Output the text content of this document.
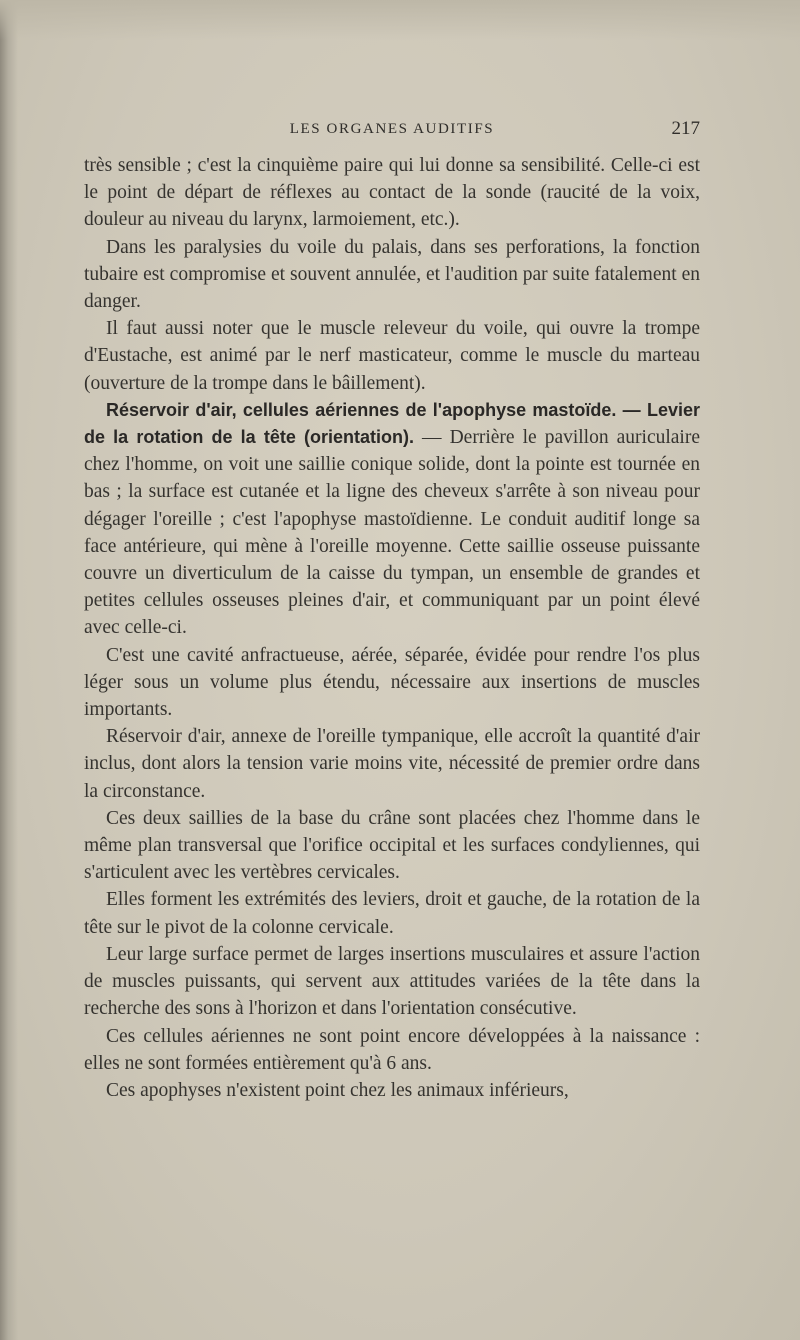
LES ORGANES AUDITIFS	217

très sensible ; c'est la cinquième paire qui lui donne sa sensibilité. Celle-ci est le point de départ de réflexes au contact de la sonde (raucité de la voix, douleur au niveau du larynx, larmoiement, etc.).

Dans les paralysies du voile du palais, dans ses perforations, la fonction tubaire est compromise et souvent annulée, et l'audition par suite fatalement en danger.

Il faut aussi noter que le muscle releveur du voile, qui ouvre la trompe d'Eustache, est animé par le nerf masticateur, comme le muscle du marteau (ouverture de la trompe dans le bâillement).

Réservoir d'air, cellules aériennes de l'apophyse mastoïde. — Levier de la rotation de la tête (orientation). — Derrière le pavillon auriculaire chez l'homme, on voit une saillie conique solide, dont la pointe est tournée en bas ; la surface est cutanée et la ligne des cheveux s'arrête à son niveau pour dégager l'oreille ; c'est l'apophyse mastoïdienne. Le conduit auditif longe sa face antérieure, qui mène à l'oreille moyenne. Cette saillie osseuse puissante couvre un diverticulum de la caisse du tympan, un ensemble de grandes et petites cellules osseuses pleines d'air, et communiquant par un point élevé avec celle-ci.

C'est une cavité anfractueuse, aérée, séparée, évidée pour rendre l'os plus léger sous un volume plus étendu, nécessaire aux insertions de muscles importants.

Réservoir d'air, annexe de l'oreille tympanique, elle accroît la quantité d'air inclus, dont alors la tension varie moins vite, nécessité de premier ordre dans la circonstance.

Ces deux saillies de la base du crâne sont placées chez l'homme dans le même plan transversal que l'orifice occipital et les surfaces condyliennes, qui s'articulent avec les vertèbres cervicales.

Elles forment les extrémités des leviers, droit et gauche, de la rotation de la tête sur le pivot de la colonne cervicale.

Leur large surface permet de larges insertions musculaires et assure l'action de muscles puissants, qui servent aux attitudes variées de la tête dans la recherche des sons à l'horizon et dans l'orientation consécutive.

Ces cellules aériennes ne sont point encore développées à la naissance : elles ne sont formées entièrement qu'à 6 ans.

Ces apophyses n'existent point chez les animaux inférieurs,
